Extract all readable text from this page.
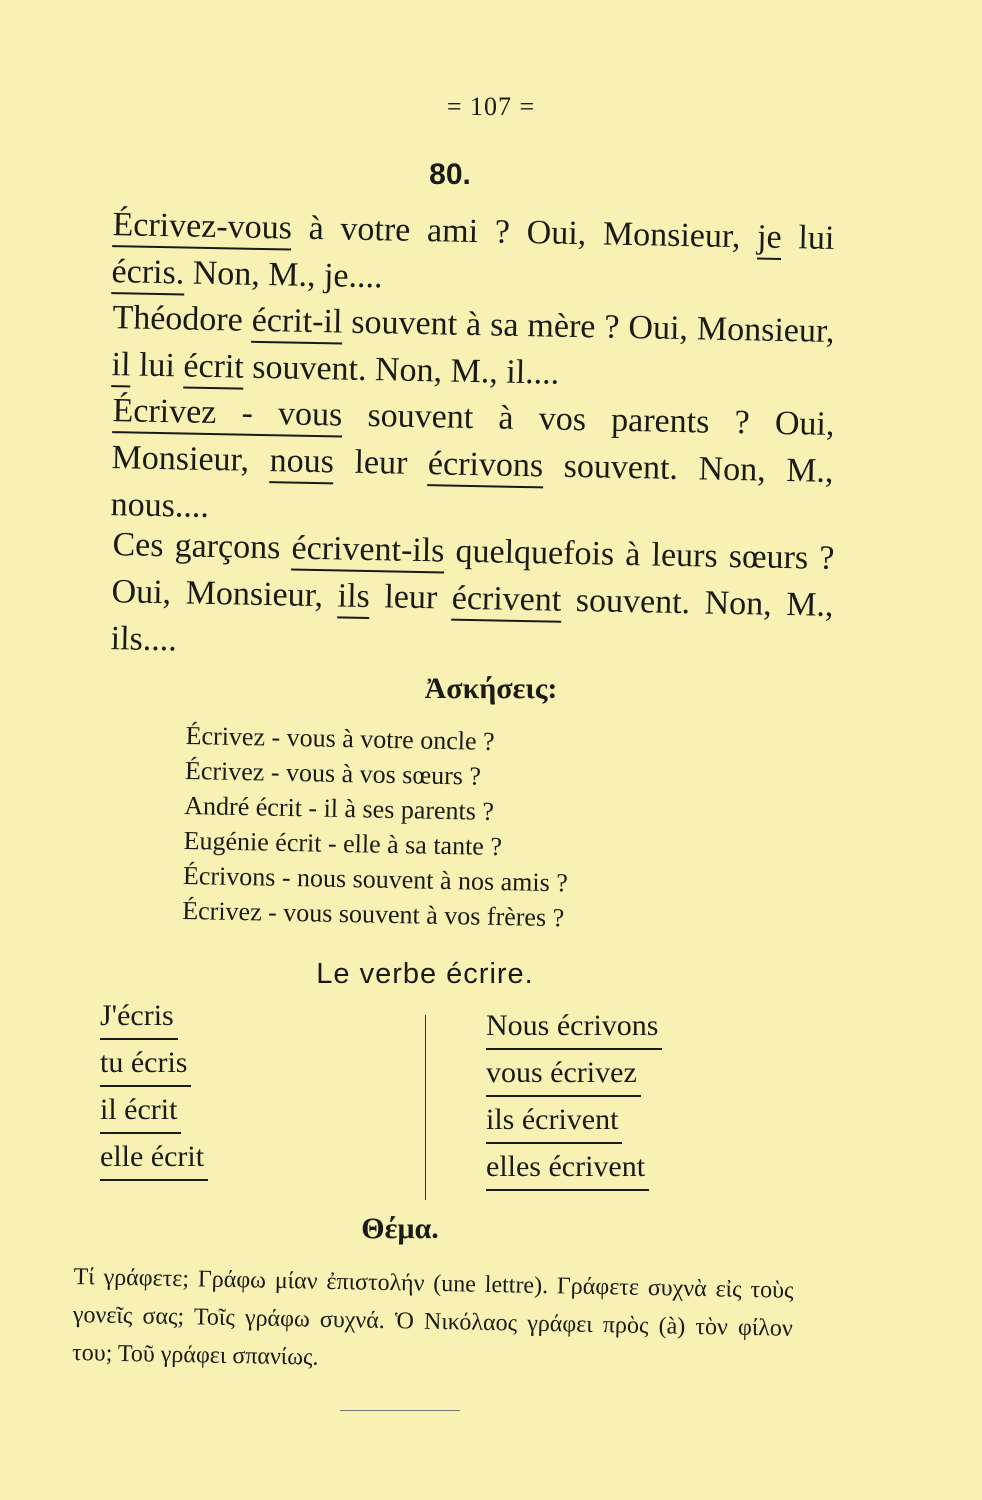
= 107 =
80.
Écrivez-vous à votre ami ? Oui, Monsieur, je lui écris. Non, M., je....
Théodore écrit-il souvent à sa mère ? Oui, Monsieur, il lui écrit souvent. Non, M., il....
Écrivez - vous souvent à vos parents ? Oui, Monsieur, nous leur écrivons souvent. Non, M., nous....
Ces garçons écrivent-ils quelquefois à leurs sœurs ? Oui, Monsieur, ils leur écrivent souvent. Non, M., ils....
Ἀσκήσεις:
Écrivez - vous à votre oncle ?
Écrivez - vous à vos sœurs ?
André écrit - il à ses parents ?
Eugénie écrit - elle à sa tante ?
Écrivons - nous souvent à nos amis ?
Écrivez - vous souvent à vos frères ?
Le verbe écrire.
J'écris
tu écris
il écrit
elle écrit
Nous écrivons
vous écrivez
ils écrivent
elles écrivent
Θέμα.
Τί γράφετε; Γράφω μίαν ἐπιστολήν (une lettre). Γράφετε συχνὰ εἰς τοὺς γονεῖς σας; Τοῖς γράφω συχνά. Ὁ Νικόλαος γράφει πρὸς (à) τὸν φίλον του; Τοῦ γράφει σπανίως.
